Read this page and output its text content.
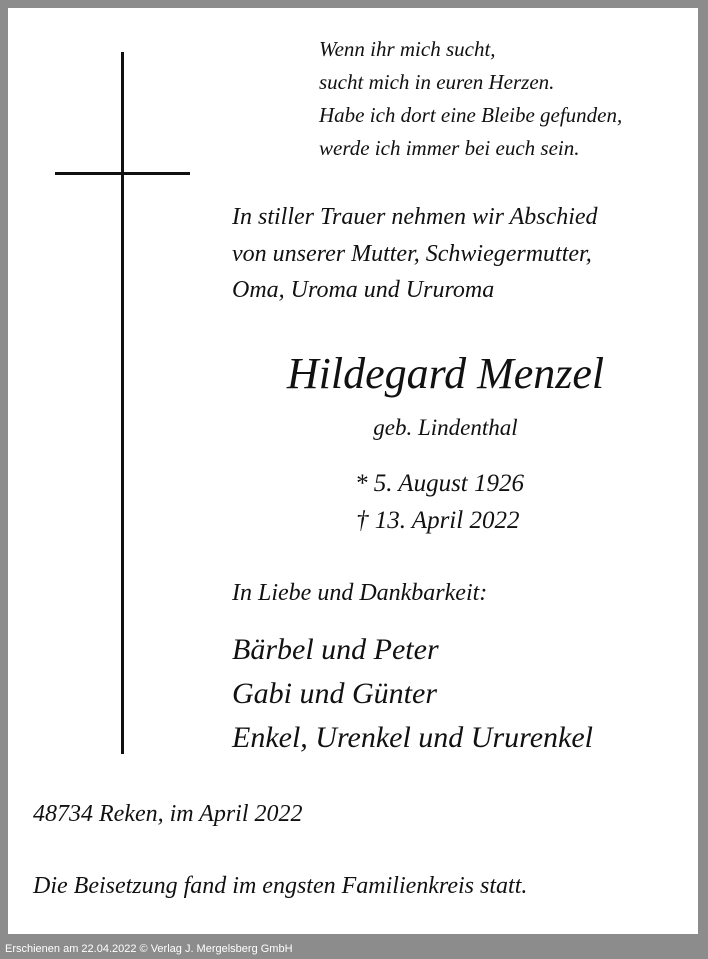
Wenn ihr mich sucht,
sucht mich in euren Herzen.
Habe ich dort eine Bleibe gefunden,
werde ich immer bei euch sein.

In stiller Trauer nehmen wir Abschied
von unserer Mutter, Schwiegermutter,
Oma, Uroma und Ururoma

Hildegard Menzel

geb. Lindenthal

* 5. August 1926
† 13. April 2022

In Liebe und Dankbarkeit:

Bärbel und Peter
Gabi und Günter
Enkel, Urenkel und Ururenkel

48734 Reken, im April 2022

Die Beisetzung fand im engsten Familienkreis statt.

Erschienen am 22.04.2022 © Verlag J. Mergelsberg GmbH
